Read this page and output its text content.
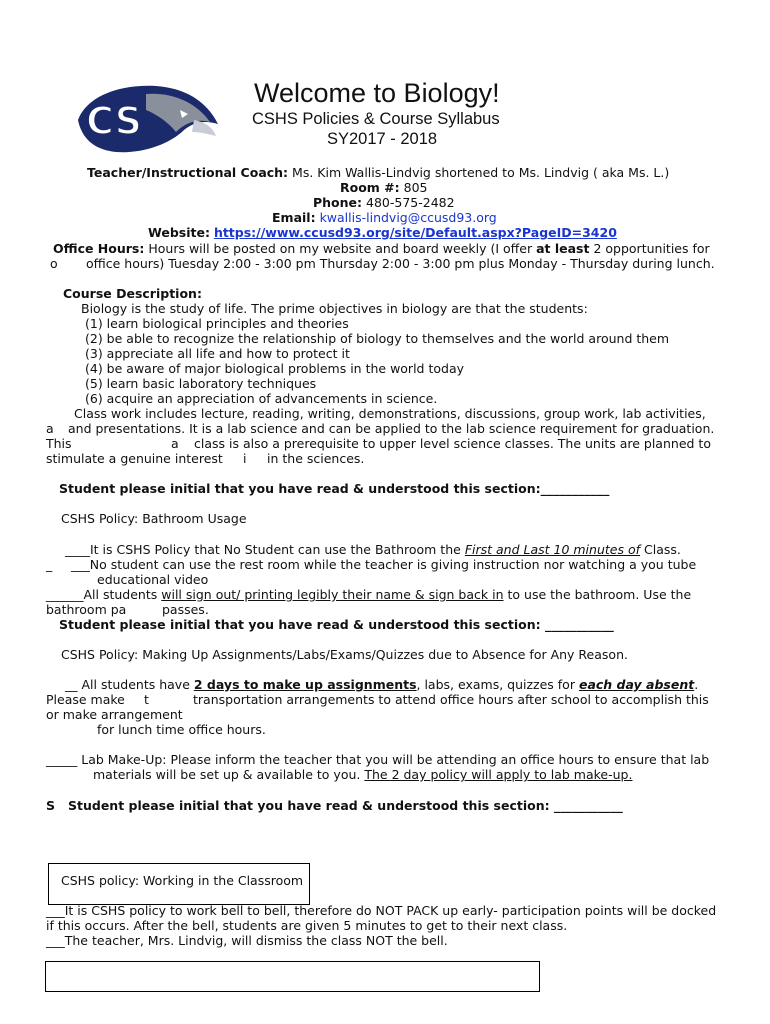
CS
Welcome to Biology!
CSHS Policies & Course Syllabus
SY2017 - 2018
Teacher/Instructional Coach: Ms. Kim Wallis-Lindvig shortened to Ms. Lindvig ( aka Ms. L.)
Room #: 805
Phone: 480-575-2482
Email: kwallis-lindvig@ccusd93.org
Website: https://www.ccusd93.org/site/Default.aspx?PageID=3420
Office Hours: Hours will be posted on my website and board weekly (I offer at least 2 opportunities for
o office hours) Tuesday 2:00 - 3:00 pm Thursday 2:00 - 3:00 pm plus Monday - Thursday during lunch.
Course Description:
Biology is the study of life. The prime objectives in biology are that the students:
(1) learn biological principles and theories
(2) be able to recognize the relationship of biology to themselves and the world around them
(3) appreciate all life and how to protect it
(4) be aware of major biological problems in the world today
(5) learn basic laboratory techniques
(6) acquire an appreciation of advancements in science.
Class work includes lecture, reading, writing, demonstrations, discussions, group work, lab activities,
a and presentations. It is a lab science and can be applied to the lab science requirement for graduation.
This	a class is also a prerequisite to upper level science classes. The units are planned to
stimulate a genuine interest i in the sciences.
Student please initial that you have read & understood this section:___________
CSHS Policy: Bathroom Usage
____It is CSHS Policy that No Student can use the Bathroom the First and Last 10 minutes of Class.
_ ___No student can use the rest room while the teacher is giving instruction nor watching a you tube
educational video
______All students will sign out/ printing legibly their name & sign back in to use the bathroom. Use the
bathroom pa	passes.
Student please initial that you have read & understood this section: ___________
CSHS Policy: Making Up Assignments/Labs/Exams/Quizzes due to Absence for Any Reason.
__ All students have 2 days to make up assignments, labs, exams, quizzes for each day absent.
Please make t	transportation arrangements to attend office hours after school to accomplish this
or make arrangement
for lunch time office hours.
_____ Lab Make-Up: Please inform the teacher that you will be attending an office hours to ensure that lab
materials will be set up & available to you. The 2 day policy will apply to lab make-up.
S Student please initial that you have read & understood this section: ___________
CSHS policy: Working in the Classroom
___It is CSHS policy to work bell to bell, therefore do NOT PACK up early- participation points will be docked
if this occurs. After the bell, students are given 5 minutes to get to their next class.
___The teacher, Mrs. Lindvig, will dismiss the class NOT the bell.
